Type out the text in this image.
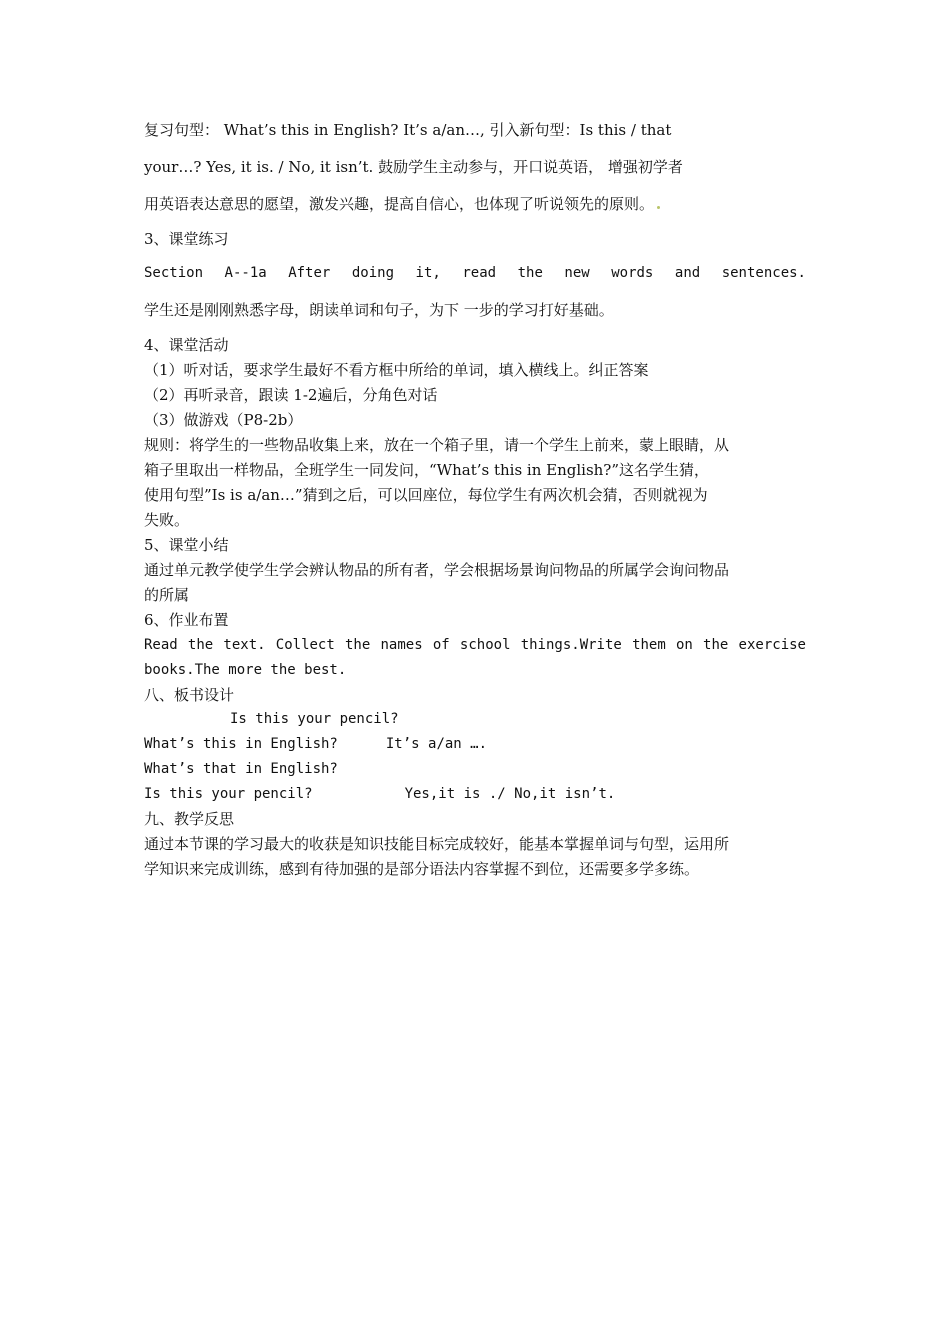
复习句型： What’s this in English? It’s a/an…, 引入新句型：Is this / that
your…? Yes, it is. / No, it isn’t. 鼓励学生主动参与，开口说英语， 增强初学者
用英语表达意思的愿望，激发兴趣，提高自信心，也体现了听说领先的原则。
3、课堂练习
Section A--1a After doing it, read the new words and sentences.
学生还是刚刚熟悉字母，朗读单词和句子，为下 一步的学习打好基础。
4、课堂活动
（1）听对话，要求学生最好不看方框中所给的单词，填入横线上。纠正答案
（2）再听录音，跟读 1-2遍后，分角色对话
（3）做游戏（P8-2b）
规则：将学生的一些物品收集上来，放在一个箱子里，请一个学生上前来，蒙上眼睛，从
箱子里取出一样物品，全班学生一同发问，“What’s this in English?”这名学生猜，
使用句型”Is is a/an…”猜到之后，可以回座位，每位学生有两次机会猜，否则就视为
失败。
5、课堂小结
通过单元教学使学生学会辨认物品的所有者，学会根据场景询问物品的所属学会询问物品
的所属
6、作业布置
Read the text. Collect the names of school things.Write them on the exercise
books.The more the best.
八、板书设计
Is this your pencil?
What’s this in English?	It’s a/an ….
What’s that in English?
Is this your pencil?	Yes,it is ./ No,it isn’t.
九、教学反思
通过本节课的学习最大的收获是知识技能目标完成较好，能基本掌握单词与句型，运用所
学知识来完成训练，感到有待加强的是部分语法内容掌握不到位，还需要多学多练。
